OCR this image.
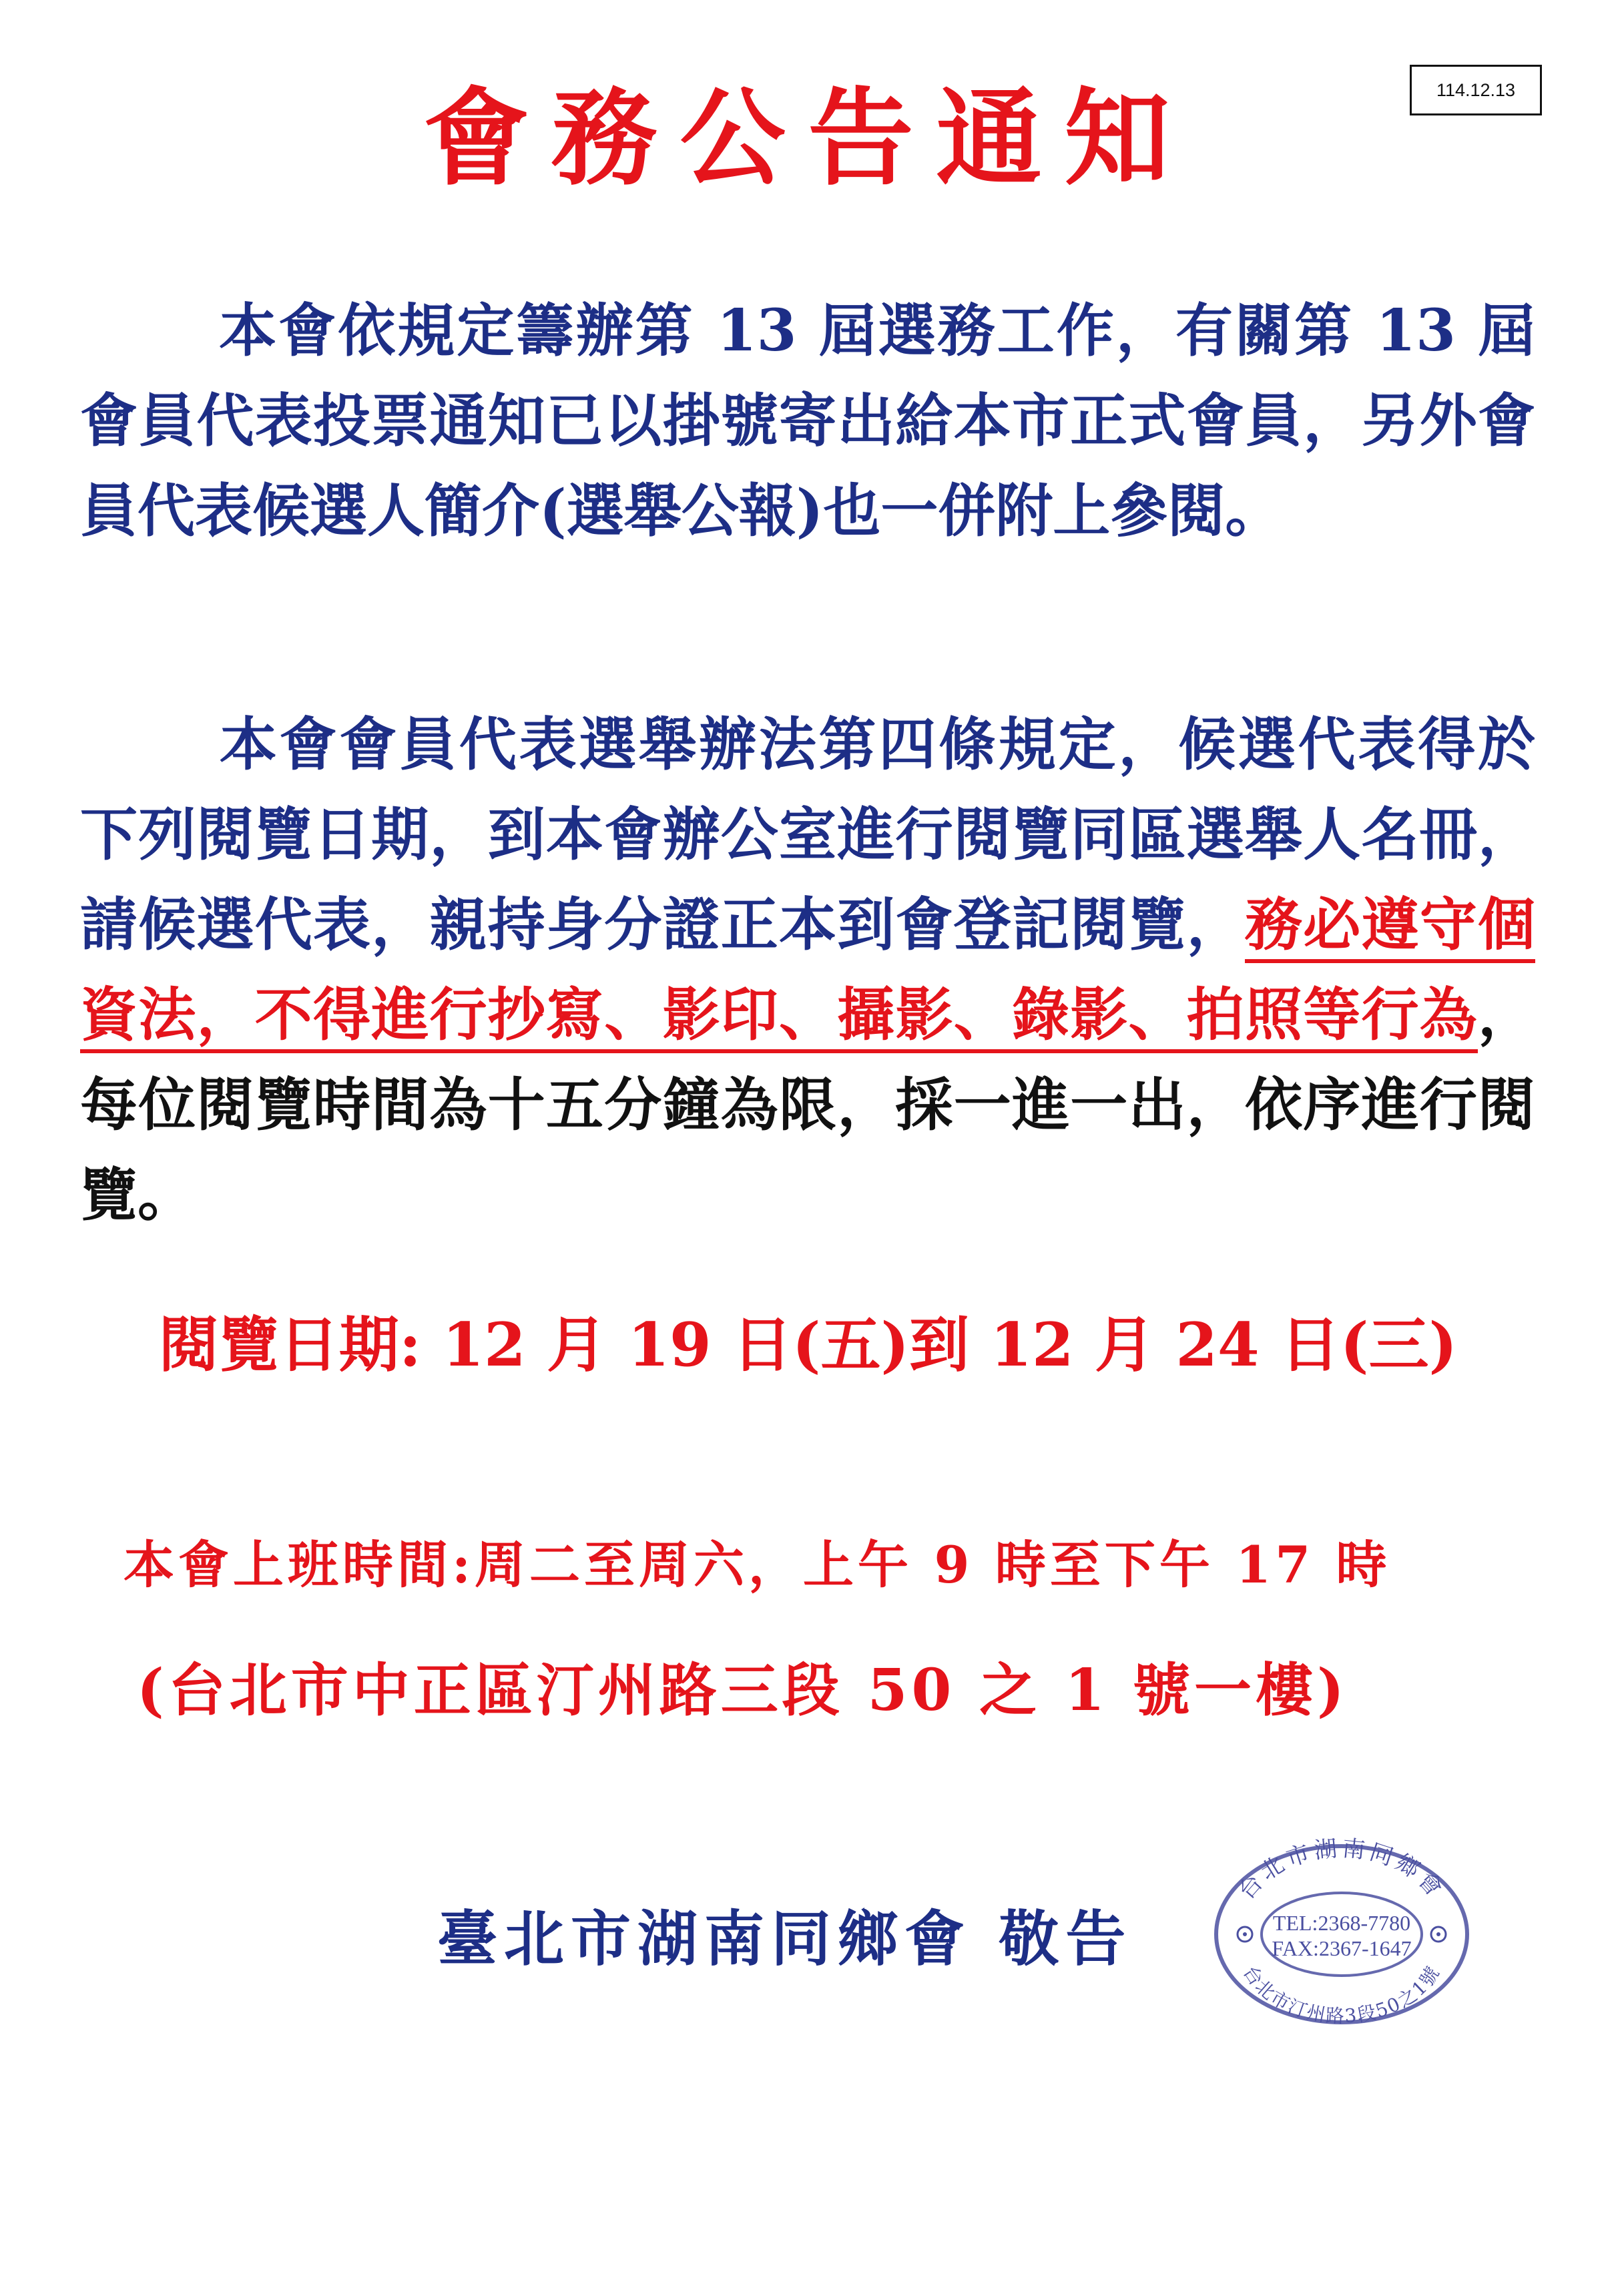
114.12.13
會務公告通知

本會依規定籌辦第 13 屆選務工作，有關第 13 屆會員代表投票通知已以掛號寄出給本市正式會員，另外會員代表候選人簡介(選舉公報)也一併附上參閱。

本會會員代表選舉辦法第四條規定，候選代表得於下列閱覽日期，到本會辦公室進行閱覽同區選舉人名冊，請候選代表，親持身分證正本到會登記閱覽，務必遵守個資法，不得進行抄寫、影印、攝影、錄影、拍照等行為，每位閱覽時間為十五分鐘為限，採一進一出，依序進行閱覽。

閱覽日期: 12 月 19 日(五)到 12 月 24 日(三)
本會上班時間:周二至周六，上午 9 時至下午 17 時
(台北市中正區汀州路三段 50 之 1 號一樓)
臺北市湖南同鄉會 敬告
台北市湖南同鄉會
台北市汀州路3段50之1號
TEL:2368-7780
FAX:2367-1647
